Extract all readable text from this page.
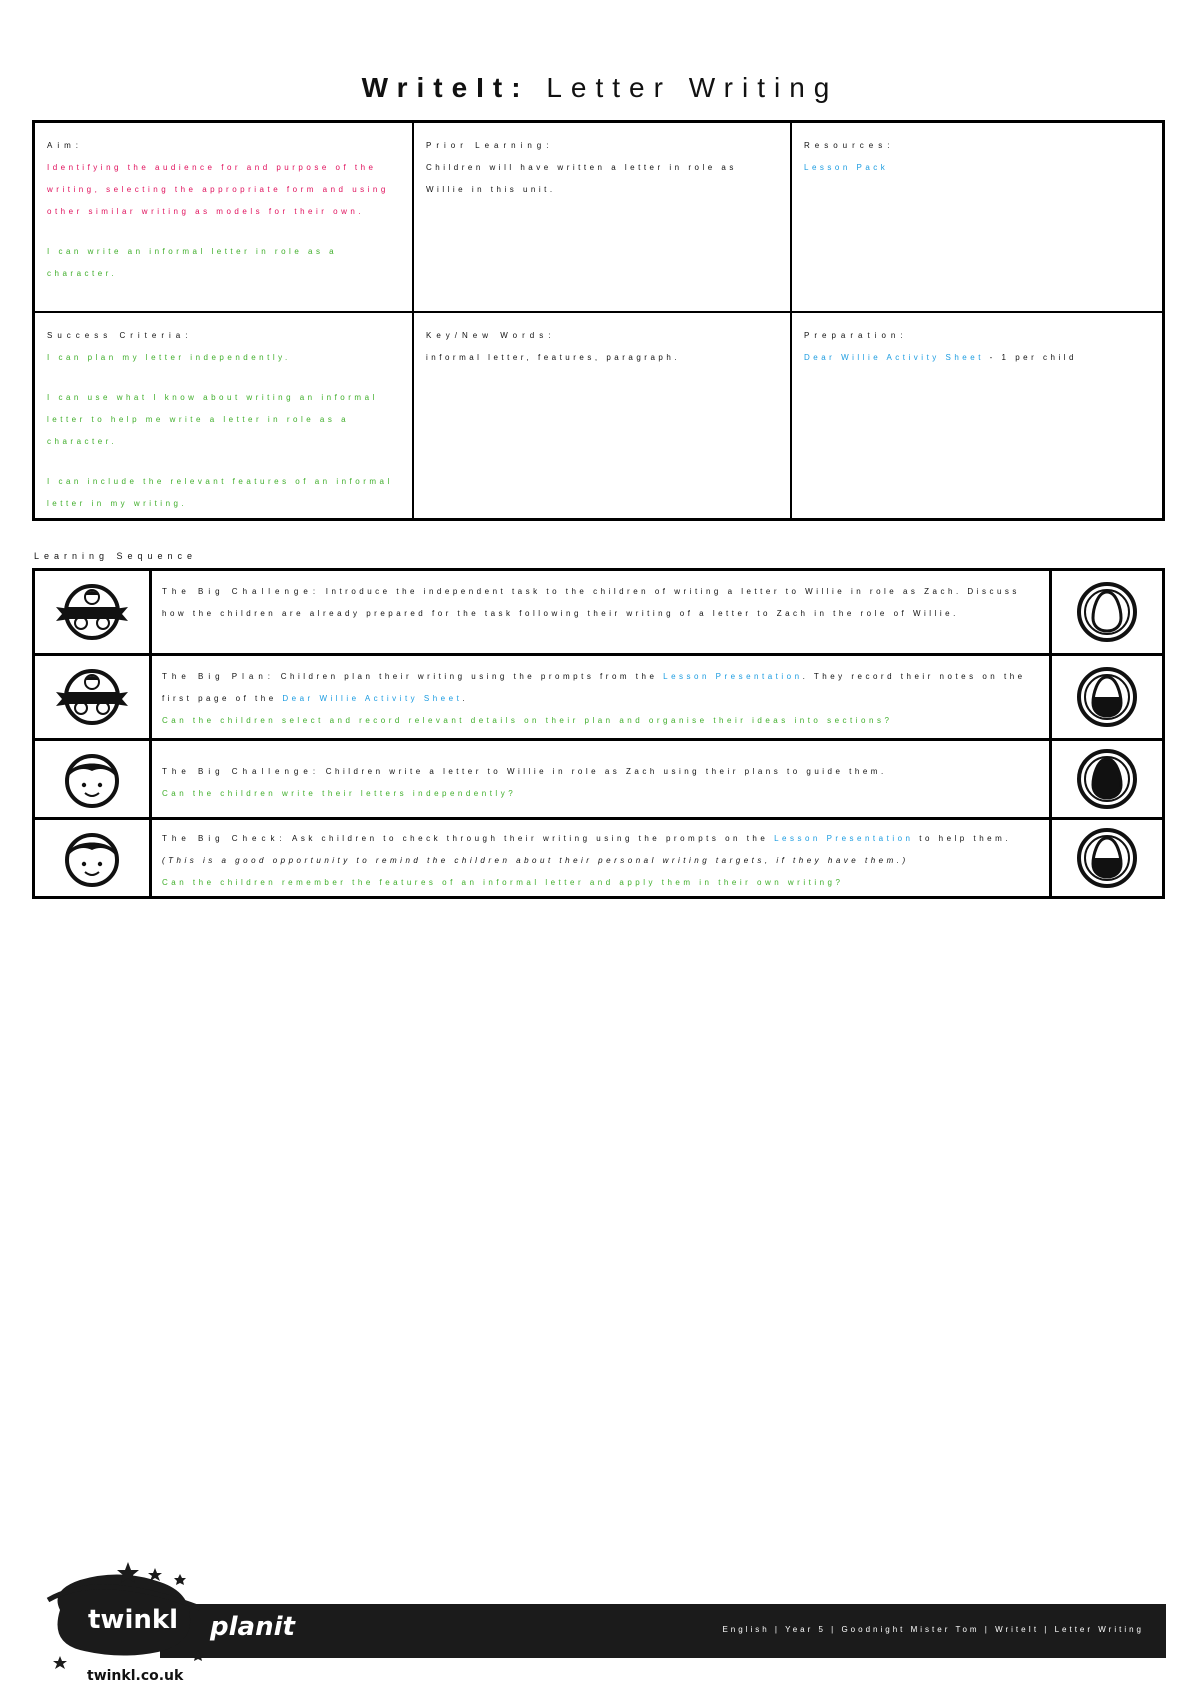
WriteIt: Letter Writing
Aim:
Identifying the audience for and purpose of the writing, selecting the appropriate form and using other similar writing as models for their own.
I can write an informal letter in role as a character.
Prior Learning:
Children will have written a letter in role as Willie in this unit.
Resources:
Lesson Pack
Success Criteria:
I can plan my letter independently.
I can use what I know about writing an informal letter to help me write a letter in role as a character.
I can include the relevant features of an informal letter in my writing.
Key/New Words:
informal letter, features, paragraph.
Preparation:
Dear Willie Activity Sheet - 1 per child
Learning Sequence
The Big Challenge: Introduce the independent task to the children of writing a letter to Willie in role as Zach. Discuss how the children are already prepared for the task following their writing of a letter to Zach in the role of Willie.
The Big Plan: Children plan their writing using the prompts from the Lesson Presentation. They record their notes on the first page of the Dear Willie Activity Sheet.
Can the children select and record relevant details on their plan and organise their ideas into sections?
The Big Challenge: Children write a letter to Willie in role as Zach using their plans to guide them.
Can the children write their letters independently?
The Big Check: Ask children to check through their writing using the prompts on the Lesson Presentation to help them. (This is a good opportunity to remind the children about their personal writing targets, if they have them.)
Can the children remember the features of an informal letter and apply them in their own writing?
English | Year 5 | Goodnight Mister Tom | WriteIt | Letter Writing
planit
twinkl
twinkl.co.uk
